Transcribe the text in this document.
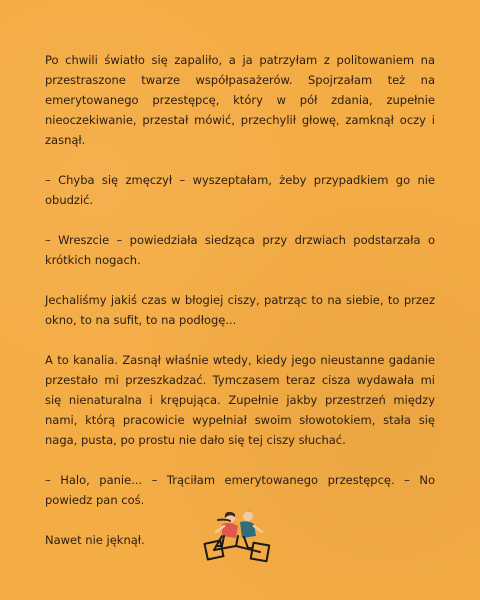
Po chwili światło się zapaliło, a ja patrzyłam z politowaniem na przestraszone twarze współpasażerów. Spojrzałam też na emerytowanego przestępcę, który w pół zdania, zupełnie nieoczekiwanie, przestał mówić, przechylił głowę, zamknął oczy i zasnął.

– Chyba się zmęczył – wyszeptałam, żeby przypadkiem go nie obudzić.

– Wreszcie – powiedziała siedząca przy drzwiach podstarzała o krótkich nogach.

Jechaliśmy jakiś czas w błogiej ciszy, patrząc to na siebie, to przez okno, to na sufit, to na podłogę...

A to kanalia. Zasnął właśnie wtedy, kiedy jego nieustanne gadanie przestało mi przeszkadzać. Tymczasem teraz cisza wydawała mi się nienaturalna i krępująca. Zupełnie jakby przestrzeń między nami, którą pracowicie wypełniał swoim słowotokiem, stała się naga, pusta, po prostu nie dało się tej ciszy słuchać.

– Halo, panie... – Trąciłam emerytowanego przestępcę. – No powiedz pan coś.

Nawet nie jęknął.
